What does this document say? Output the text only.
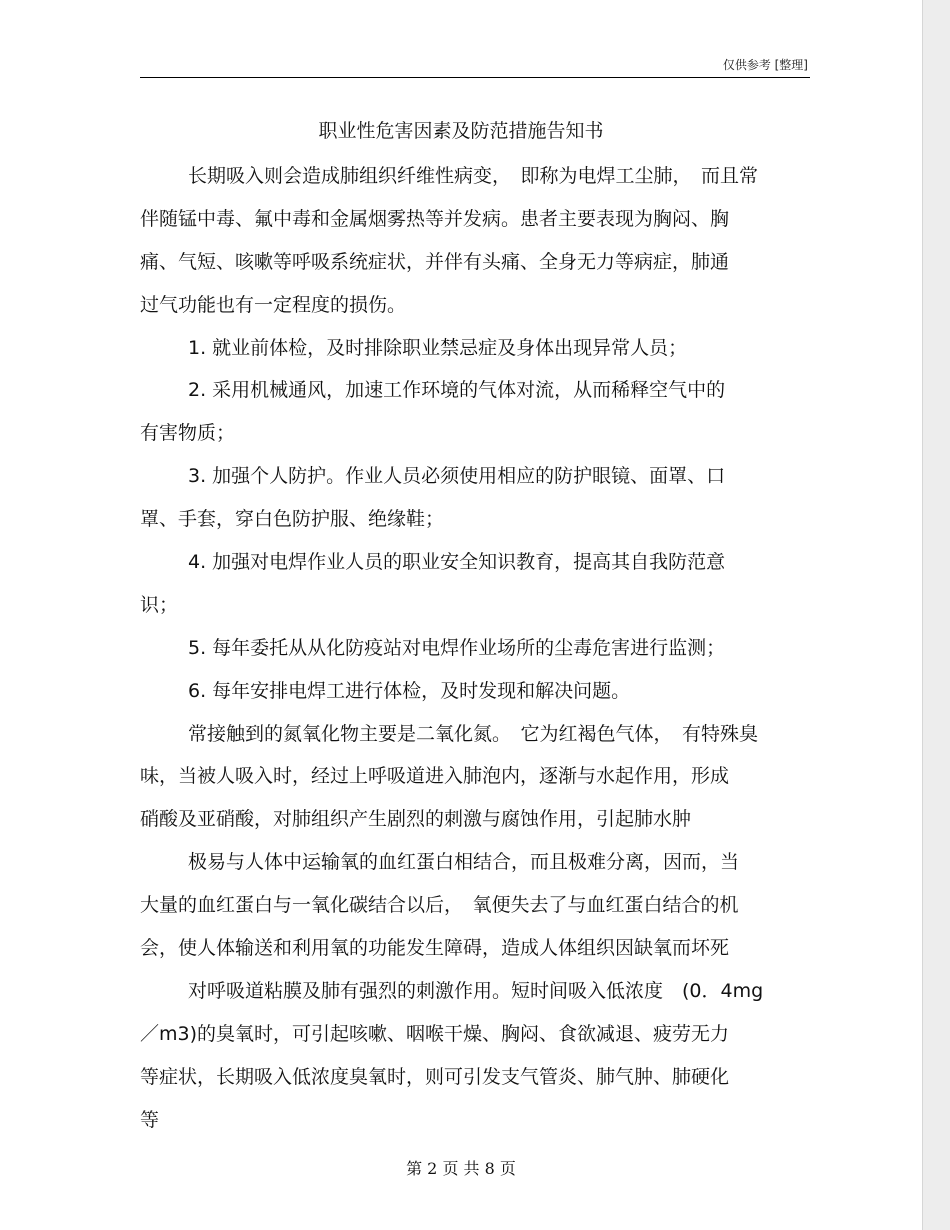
仅供参考 [整理]
职业性危害因素及防范措施告知书
长期吸入则会造成肺组织纤维性病变，　即称为电焊工尘肺，　而且常
伴随锰中毒、氟中毒和金属烟雾热等并发病。患者主要表现为胸闷、胸
痛、气短、咳嗽等呼吸系统症状，并伴有头痛、全身无力等病症，肺通
过气功能也有一定程度的损伤。
1. 就业前体检，及时排除职业禁忌症及身体出现异常人员；
2. 采用机械通风，加速工作环境的气体对流，从而稀释空气中的
有害物质；
3. 加强个人防护。作业人员必须使用相应的防护眼镜、面罩、口
罩、手套，穿白色防护服、绝缘鞋；
4. 加强对电焊作业人员的职业安全知识教育，提高其自我防范意
识；
5. 每年委托从从化防疫站对电焊作业场所的尘毒危害进行监测；
6. 每年安排电焊工进行体检，及时发现和解决问题。
常接触到的氮氧化物主要是二氧化氮。　它为红褐色气体，　有特殊臭
味，当被人吸入时，经过上呼吸道进入肺泡内，逐渐与水起作用，形成
硝酸及亚硝酸，对肺组织产生剧烈的刺激与腐蚀作用，引起肺水肿
极易与人体中运输氧的血红蛋白相结合，而且极难分离，因而，当
大量的血红蛋白与一氧化碳结合以后，　氧便失去了与血红蛋白结合的机
会，使人体输送和利用氧的功能发生障碍，造成人体组织因缺氧而坏死
对呼吸道粘膜及肺有强烈的刺激作用。短时间吸入低浓度　(0．4mg
／m3)的臭氧时，可引起咳嗽、咽喉干燥、胸闷、食欲减退、疲劳无力
等症状，长期吸入低浓度臭氧时，则可引发支气管炎、肺气肿、肺硬化
等
第 2 页 共 8 页
